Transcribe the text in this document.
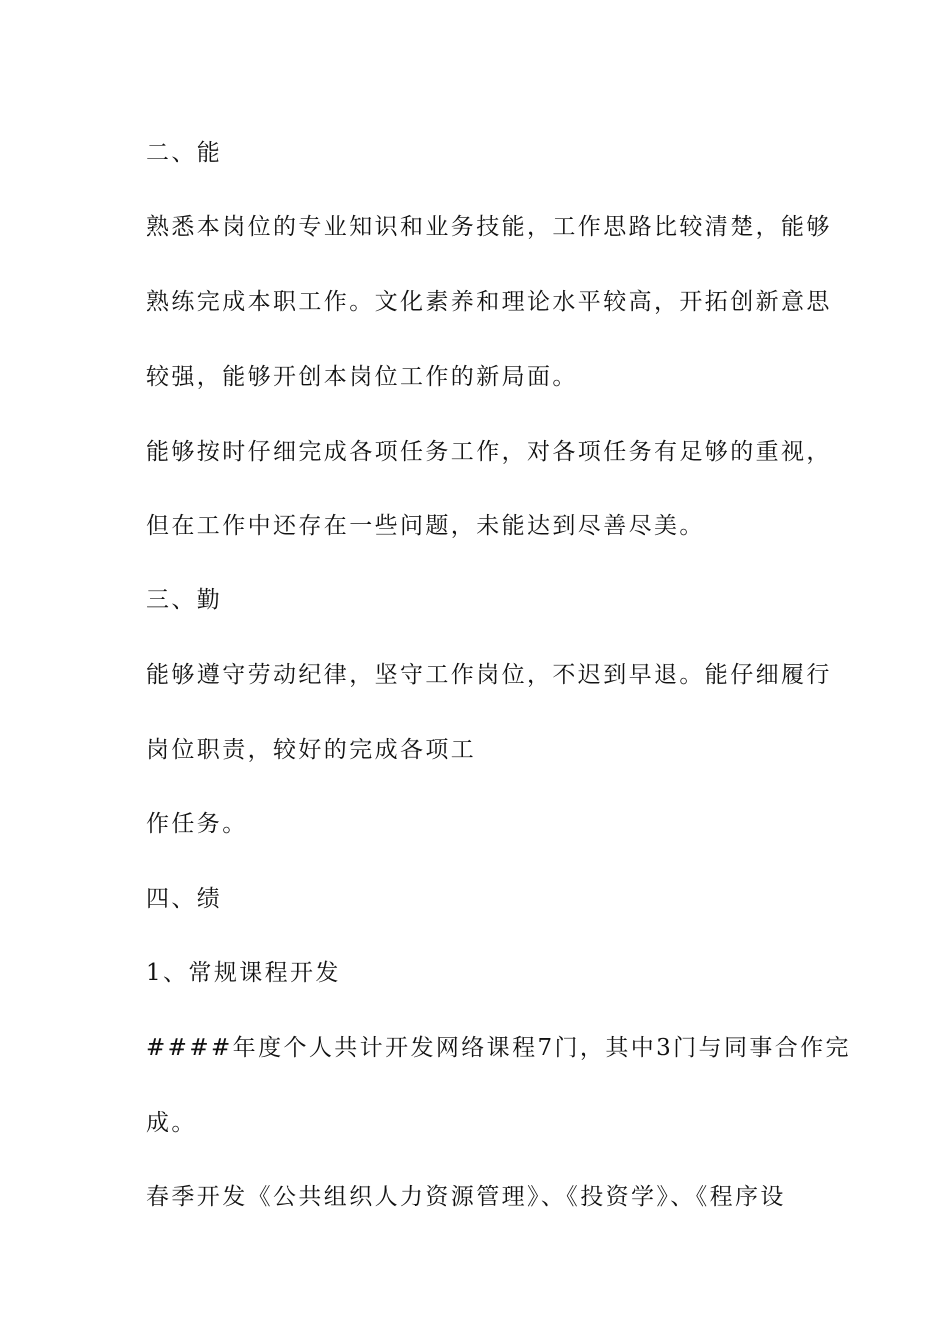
二、能
熟悉本岗位的专业知识和业务技能，工作思路比较清楚，能够
熟练完成本职工作。文化素养和理论水平较高，开拓创新意思
较强，能够开创本岗位工作的新局面。
能够按时仔细完成各项任务工作，对各项任务有足够的重视，
但在工作中还存在一些问题，未能达到尽善尽美。
三、勤
能够遵守劳动纪律，坚守工作岗位，不迟到早退。能仔细履行
岗位职责，较好的完成各项工
作任务。
四、绩
1、常规课程开发
####年度个人共计开发网络课程7门，其中3门与同事合作完
成。
春季开发《公共组织人力资源管理》、《投资学》、《程序设
